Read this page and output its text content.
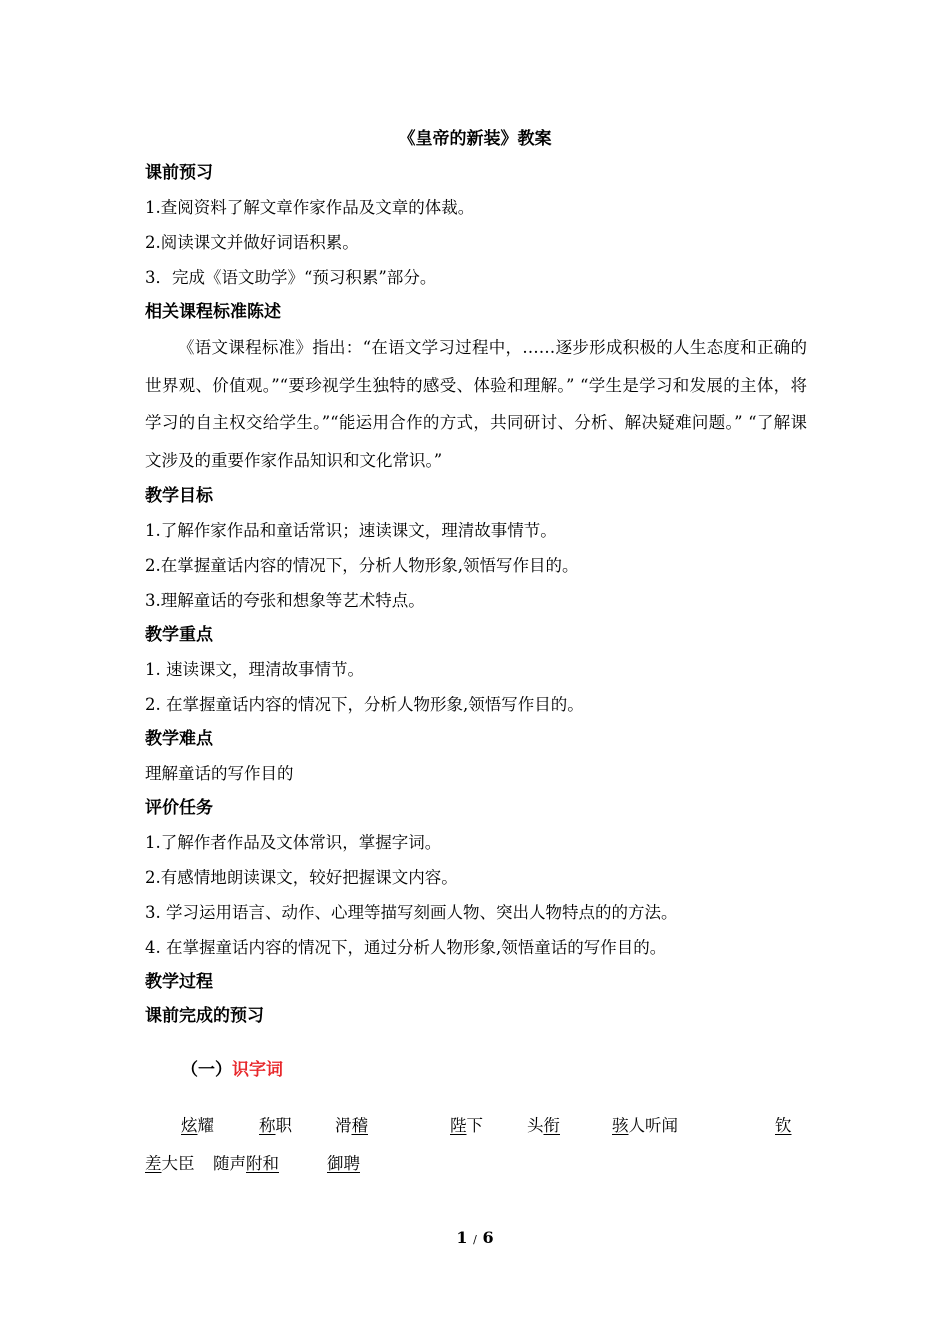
《皇帝的新装》教案
课前预习
1.查阅资料了解文章作家作品及文章的体裁。
2.阅读课文并做好词语积累。
3．完成《语文助学》“预习积累”部分。
相关课程标准陈述

《语文课程标准》指出：“在语文学习过程中，……逐步形成积极的人生态度和正确的世界观、价值观。”“要珍视学生独特的感受、体验和理解。” “学生是学习和发展的主体，将学习的自主权交给学生。”“能运用合作的方式，共同研讨、分析、解决疑难问题。” “了解课文涉及的重要作家作品知识和文化常识。”

教学目标
1.了解作家作品和童话常识；速读课文，理清故事情节。
2.在掌握童话内容的情况下，分析人物形象,领悟写作目的。
3.理解童话的夸张和想象等艺术特点。
教学重点
1. 速读课文，理清故事情节。
2. 在掌握童话内容的情况下，分析人物形象,领悟写作目的。
教学难点
理解童话的写作目的
评价任务
1.了解作者作品及文体常识，掌握字词。
2.有感情地朗读课文，较好把握课文内容。
3. 学习运用语言、动作、心理等描写刻画人物、突出人物特点的的方法。
4. 在掌握童话内容的情况下，通过分析人物形象,领悟童话的写作目的。
教学过程
课前完成的预习
（一）识字词
炫耀	称职	滑稽	陛下	头衔	骇人听闻	钦
差大臣 随声附和	御聘
1 / 6
